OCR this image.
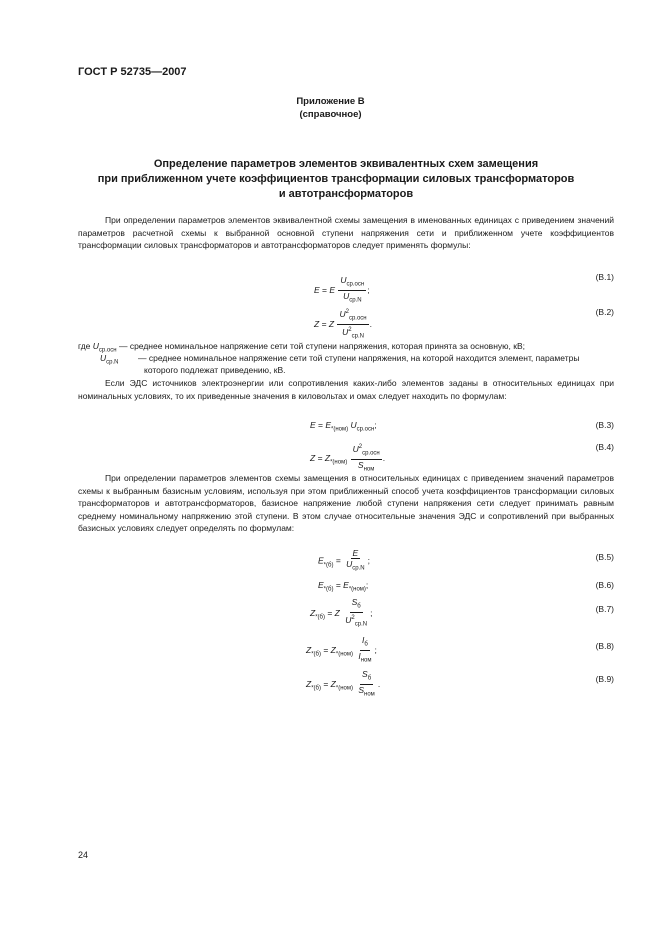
ГОСТ Р 52735—2007
Приложение В
(справочное)
Определение параметров элементов эквивалентных схем замещения
при приближенном учете коэффициентов трансформации силовых трансформаторов
и автотрансформаторов

При определении параметров элементов эквивалентной схемы замещения в именованных единицах с приведением значений параметров расчетной схемы к выбранной основной ступени напряжения сети и приближенном учете коэффициентов трансформации силовых трансформаторов и автотрансформаторов следует применять формулы:

E = E
$U_{ср.осн}$
$U_{ср.N}$
;
(В.1)
Z = Z
$U^2_{ср.осн}$
$U^2_{ср.N}$
.
(В.2)
где $U_{ср.осн}$ — среднее номинальное напряжение сети той ступени напряжения, которая принята за основную, кВ;
$U_{ср.N}$ — среднее номинальное напряжение сети той ступени напряжения, на которой находится элемент, параметры которого подлежат приведению, кВ.

Если ЭДС источников электроэнергии или сопротивления каких-либо элементов заданы в относительных единицах при номинальных условиях, то их приведенные значения в киловольтах и омах следует находить по формулам:

$E = E_{*(ном)}$ $U_{ср.осн}$;	(В.3)
$Z = Z_{*(ном)}$
$U^2_{ср.осн}$
$S_{ном}$
.
(В.4)

При определении параметров элементов схемы замещения в относительных единицах с приведением значений параметров схемы к выбранным базисным условиям, используя при этом приближенный способ учета коэффициентов трансформации силовых трансформаторов и автотрансформаторов, базисное напряжение любой ступени напряжения сети следует принимать равным среднему номинальному напряжению этой ступени. В этом случае относительные значения ЭДС и сопротивлений при выбранных базисных условиях следует определять по формулам:

$E_{*(б)}$ =
E
$U_{ср.N}$
;	(В.5)
$E_{*(б)} = E_{*(ном)}$;	(В.6)
$Z_{*(б)} = Z$
$S_б$
$U^2_{ср.N}$
;	(В.7)
$Z_{*(б)} = Z_{*(ном)}$
$I_б$
$I_{ном}$
;	(В.8)
$Z_{*(б)} = Z_{*(ном)}$
$S_б$
$S_{ном}$
.	(В.9)
24
